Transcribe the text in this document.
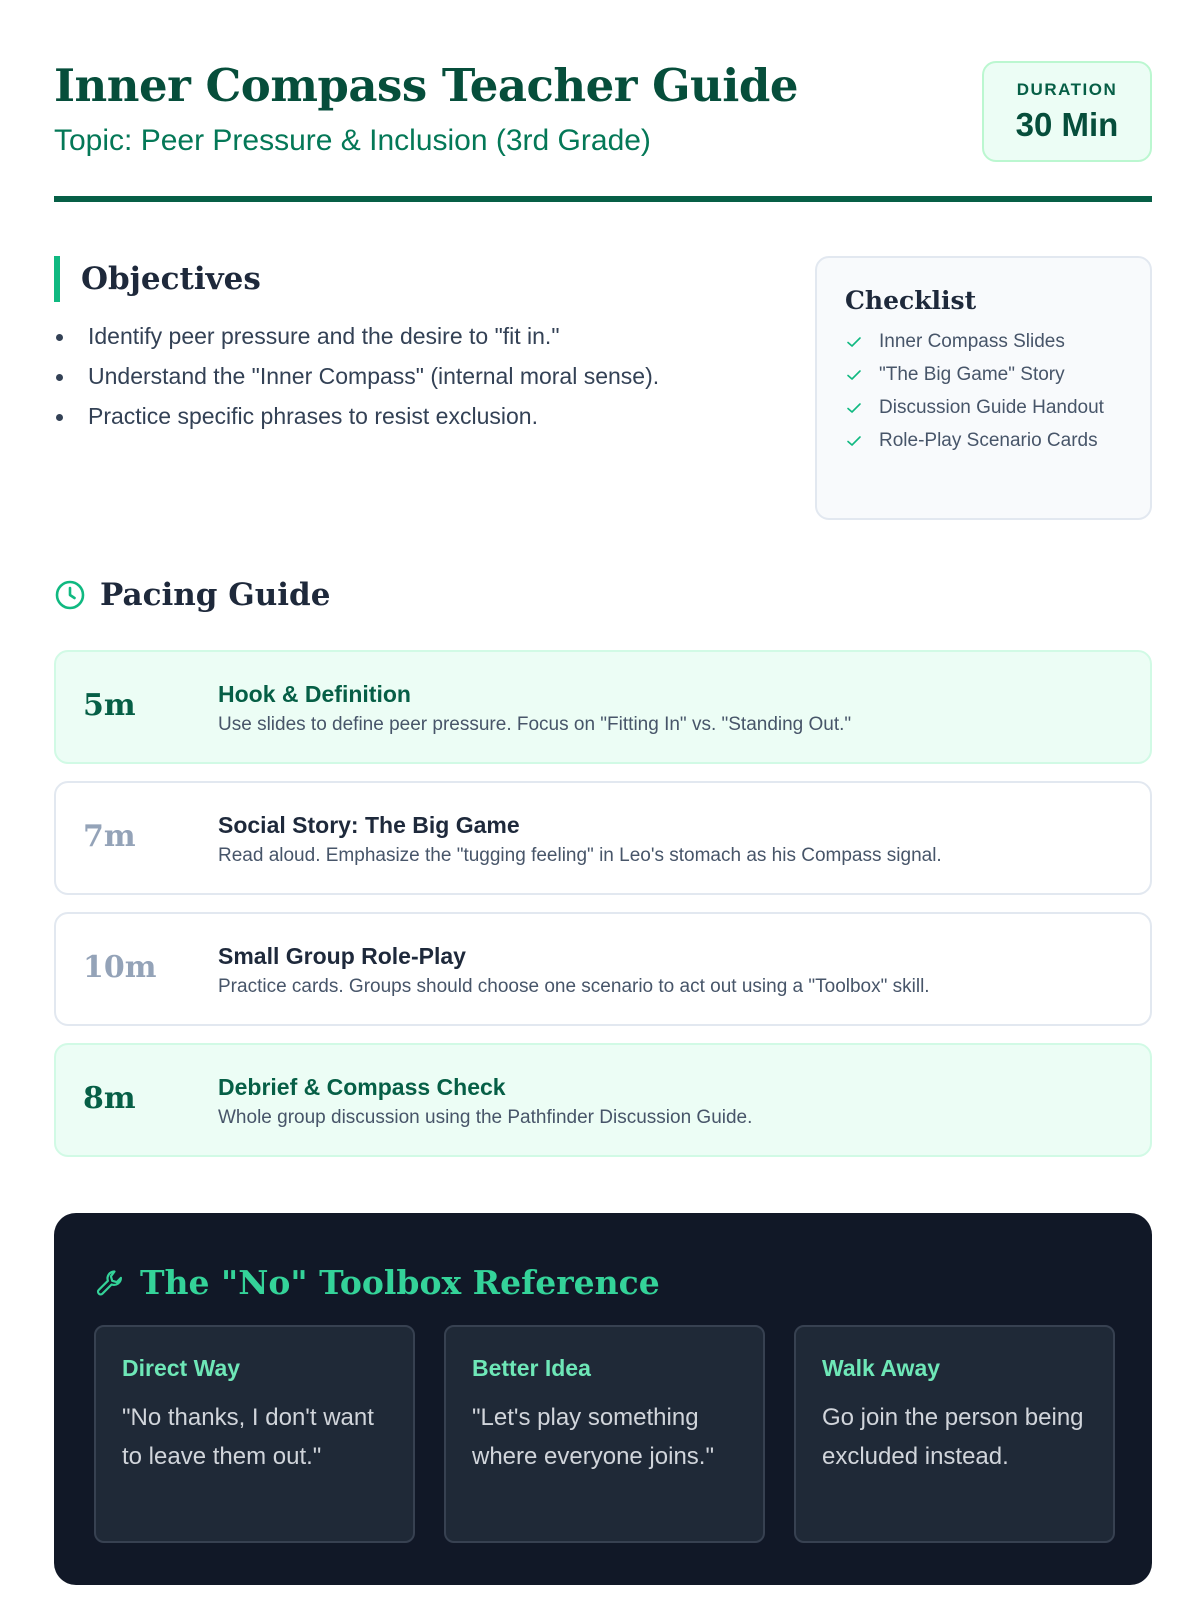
Inner Compass Teacher Guide
Topic: Peer Pressure & Inclusion (3rd Grade)
DURATION
30 Min
Objectives
Identify peer pressure and the desire to "fit in."
Understand the "Inner Compass" (internal moral sense).
Practice specific phrases to resist exclusion.
Checklist
Inner Compass Slides
"The Big Game" Story
Discussion Guide Handout
Role-Play Scenario Cards
Pacing Guide
5m	Hook & Definition
Use slides to define peer pressure. Focus on "Fitting In" vs. "Standing Out."
7m	Social Story: The Big Game
Read aloud. Emphasize the "tugging feeling" in Leo's stomach as his Compass signal.
10m	Small Group Role-Play
Practice cards. Groups should choose one scenario to act out using a "Toolbox" skill.
8m	Debrief & Compass Check
Whole group discussion using the Pathfinder Discussion Guide.
The "No" Toolbox Reference
Direct Way
"No thanks, I don't want to leave them out."
Better Idea
"Let's play something where everyone joins."
Walk Away
Go join the person being excluded instead.
